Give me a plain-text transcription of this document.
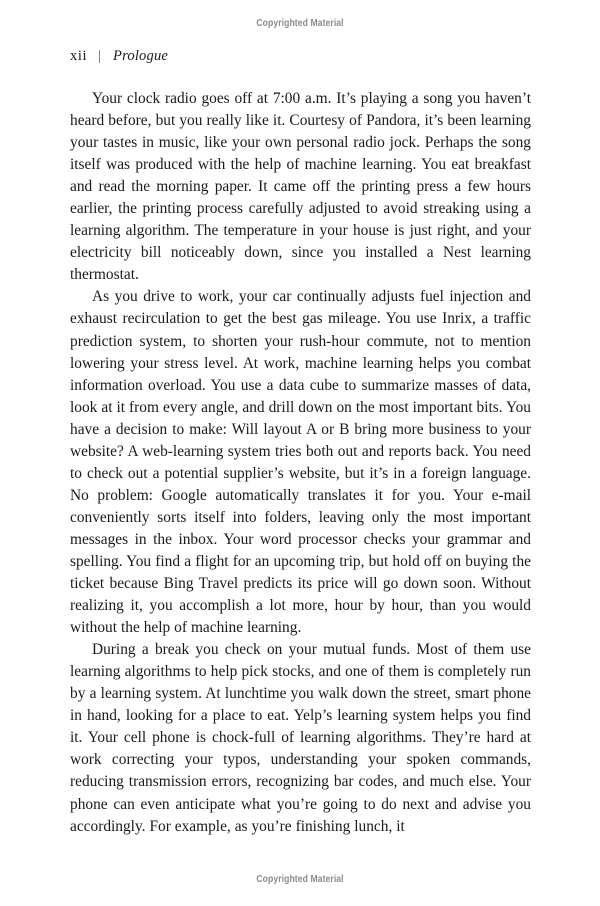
Copyrighted Material
xii | Prologue

Your clock radio goes off at 7:00 a.m. It’s playing a song you haven’t heard before, but you really like it. Courtesy of Pandora, it’s been learning your tastes in music, like your own personal radio jock. Perhaps the song itself was produced with the help of machine learning. You eat breakfast and read the morning paper. It came off the printing press a few hours earlier, the printing process carefully adjusted to avoid streaking using a learning algorithm. The temperature in your house is just right, and your electricity bill noticeably down, since you installed a Nest learning thermostat.

As you drive to work, your car continually adjusts fuel injection and exhaust recirculation to get the best gas mileage. You use Inrix, a traffic prediction system, to shorten your rush-hour commute, not to mention lowering your stress level. At work, machine learning helps you combat information overload. You use a data cube to summarize masses of data, look at it from every angle, and drill down on the most important bits. You have a decision to make: Will layout A or B bring more business to your website? A web-learning system tries both out and reports back. You need to check out a potential supplier’s website, but it’s in a foreign language. No problem: Google automatically translates it for you. Your e-mail conveniently sorts itself into folders, leaving only the most important messages in the inbox. Your word processor checks your grammar and spelling. You find a flight for an upcoming trip, but hold off on buying the ticket because Bing Travel predicts its price will go down soon. Without realizing it, you accomplish a lot more, hour by hour, than you would without the help of machine learning.

During a break you check on your mutual funds. Most of them use learning algorithms to help pick stocks, and one of them is completely run by a learning system. At lunchtime you walk down the street, smart phone in hand, looking for a place to eat. Yelp’s learning system helps you find it. Your cell phone is chock-full of learning algorithms. They’re hard at work correcting your typos, understanding your spoken commands, reducing transmission errors, recognizing bar codes, and much else. Your phone can even anticipate what you’re going to do next and advise you accordingly. For example, as you’re finishing lunch, it

Copyrighted Material
